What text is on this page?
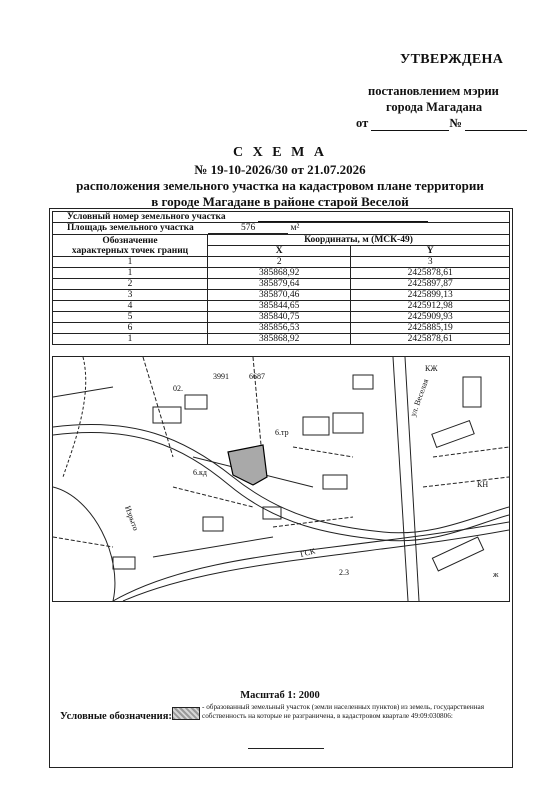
УТВЕРЖДЕНА
постановлением мэрии
города Магадана
от	№
С Х Е М А
№ 19-10-2026/30 от 21.07.2026
расположения земельного участка на кадастровом плане территории
в городе Магадане в районе старой Веселой
Условный номер земельного участка		
Площадь земельного участка 576 м²		

Обозначение
характерных точек границ	Координаты, м (МСК-49)	
	X	Y
1	2	3
1	385868,92	2425878,61
2	385879,64	2425897,87
3	385870,46	2425899,13
4	385844,65	2425912,98
5	385840,75	2425909,93
6	385856,53	2425885,19
1	385868,92	2425878,61
3991	6687
02.
6.кд
6.тр
КЖ
ж
Изрыто
ул. Веселая
ГСК
2.3
КН
Масштаб 1: 2000
Условные обозначения:
- образованный земельный участок (земли населенных пунктов) из земель, государственная собственность на которые не разграничена, в кадастровом квартале 49:09:030806:
